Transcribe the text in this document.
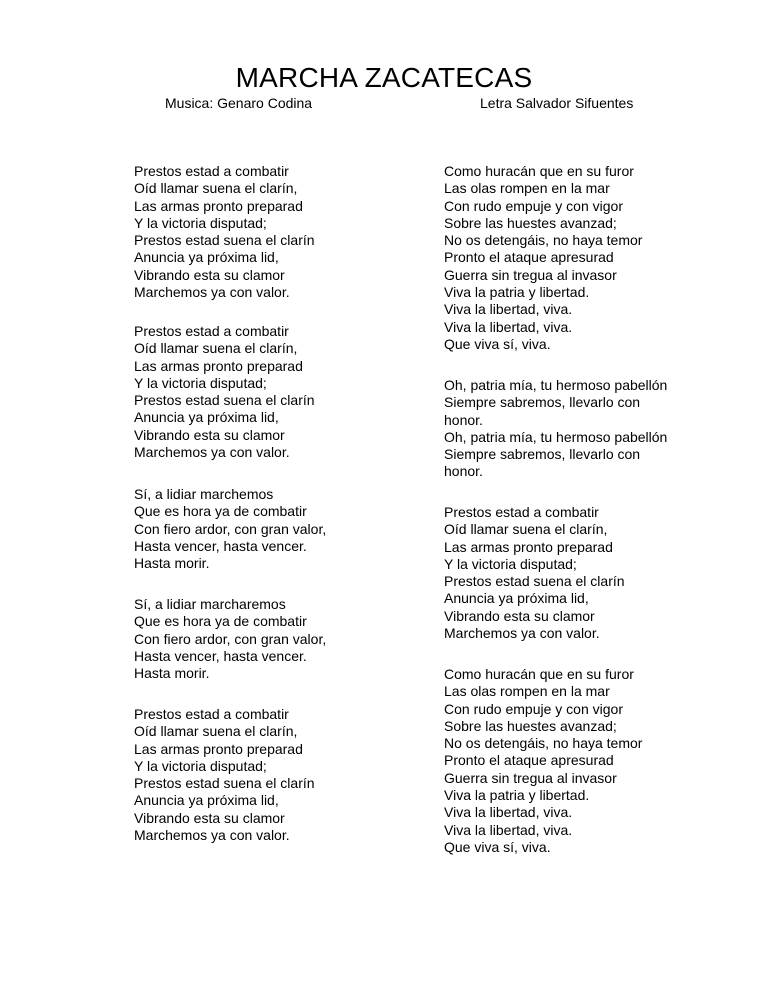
MARCHA ZACATECAS
Musica: Genaro Codina	Letra Salvador Sifuentes
Prestos estad a combatir
Oíd llamar suena el clarín,
Las armas pronto preparad
Y la victoria disputad;
Prestos estad suena el clarín
Anuncia ya próxima lid,
Vibrando esta su clamor
Marchemos ya con valor.
Prestos estad a combatir
Oíd llamar suena el clarín,
Las armas pronto preparad
Y la victoria disputad;
Prestos estad suena el clarín
Anuncia ya próxima lid,
Vibrando esta su clamor
Marchemos ya con valor.
Sí, a lidiar marchemos
Que es hora ya de combatir
Con fiero ardor, con gran valor,
Hasta vencer, hasta vencer.
Hasta morir.
Sí, a lidiar marcharemos
Que es hora ya de combatir
Con fiero ardor, con gran valor,
Hasta vencer, hasta vencer.
Hasta morir.
Prestos estad a combatir
Oíd llamar suena el clarín,
Las armas pronto preparad
Y la victoria disputad;
Prestos estad suena el clarín
Anuncia ya próxima lid,
Vibrando esta su clamor
Marchemos ya con valor.
Como huracán que en su furor
Las olas rompen en la mar
Con rudo empuje y con vigor
Sobre las huestes avanzad;
No os detengáis, no haya temor
Pronto el ataque apresurad
Guerra sin tregua al invasor
Viva la patria y libertad.
Viva la libertad, viva.
Viva la libertad, viva.
Que viva sí, viva.
Oh, patria mía, tu hermoso pabellón
Siempre sabremos, llevarlo con
honor.
Oh, patria mía, tu hermoso pabellón
Siempre sabremos, llevarlo con
honor.
Prestos estad a combatir
Oíd llamar suena el clarín,
Las armas pronto preparad
Y la victoria disputad;
Prestos estad suena el clarín
Anuncia ya próxima lid,
Vibrando esta su clamor
Marchemos ya con valor.
Como huracán que en su furor
Las olas rompen en la mar
Con rudo empuje y con vigor
Sobre las huestes avanzad;
No os detengáis, no haya temor
Pronto el ataque apresurad
Guerra sin tregua al invasor
Viva la patria y libertad.
Viva la libertad, viva.
Viva la libertad, viva.
Que viva sí, viva.
